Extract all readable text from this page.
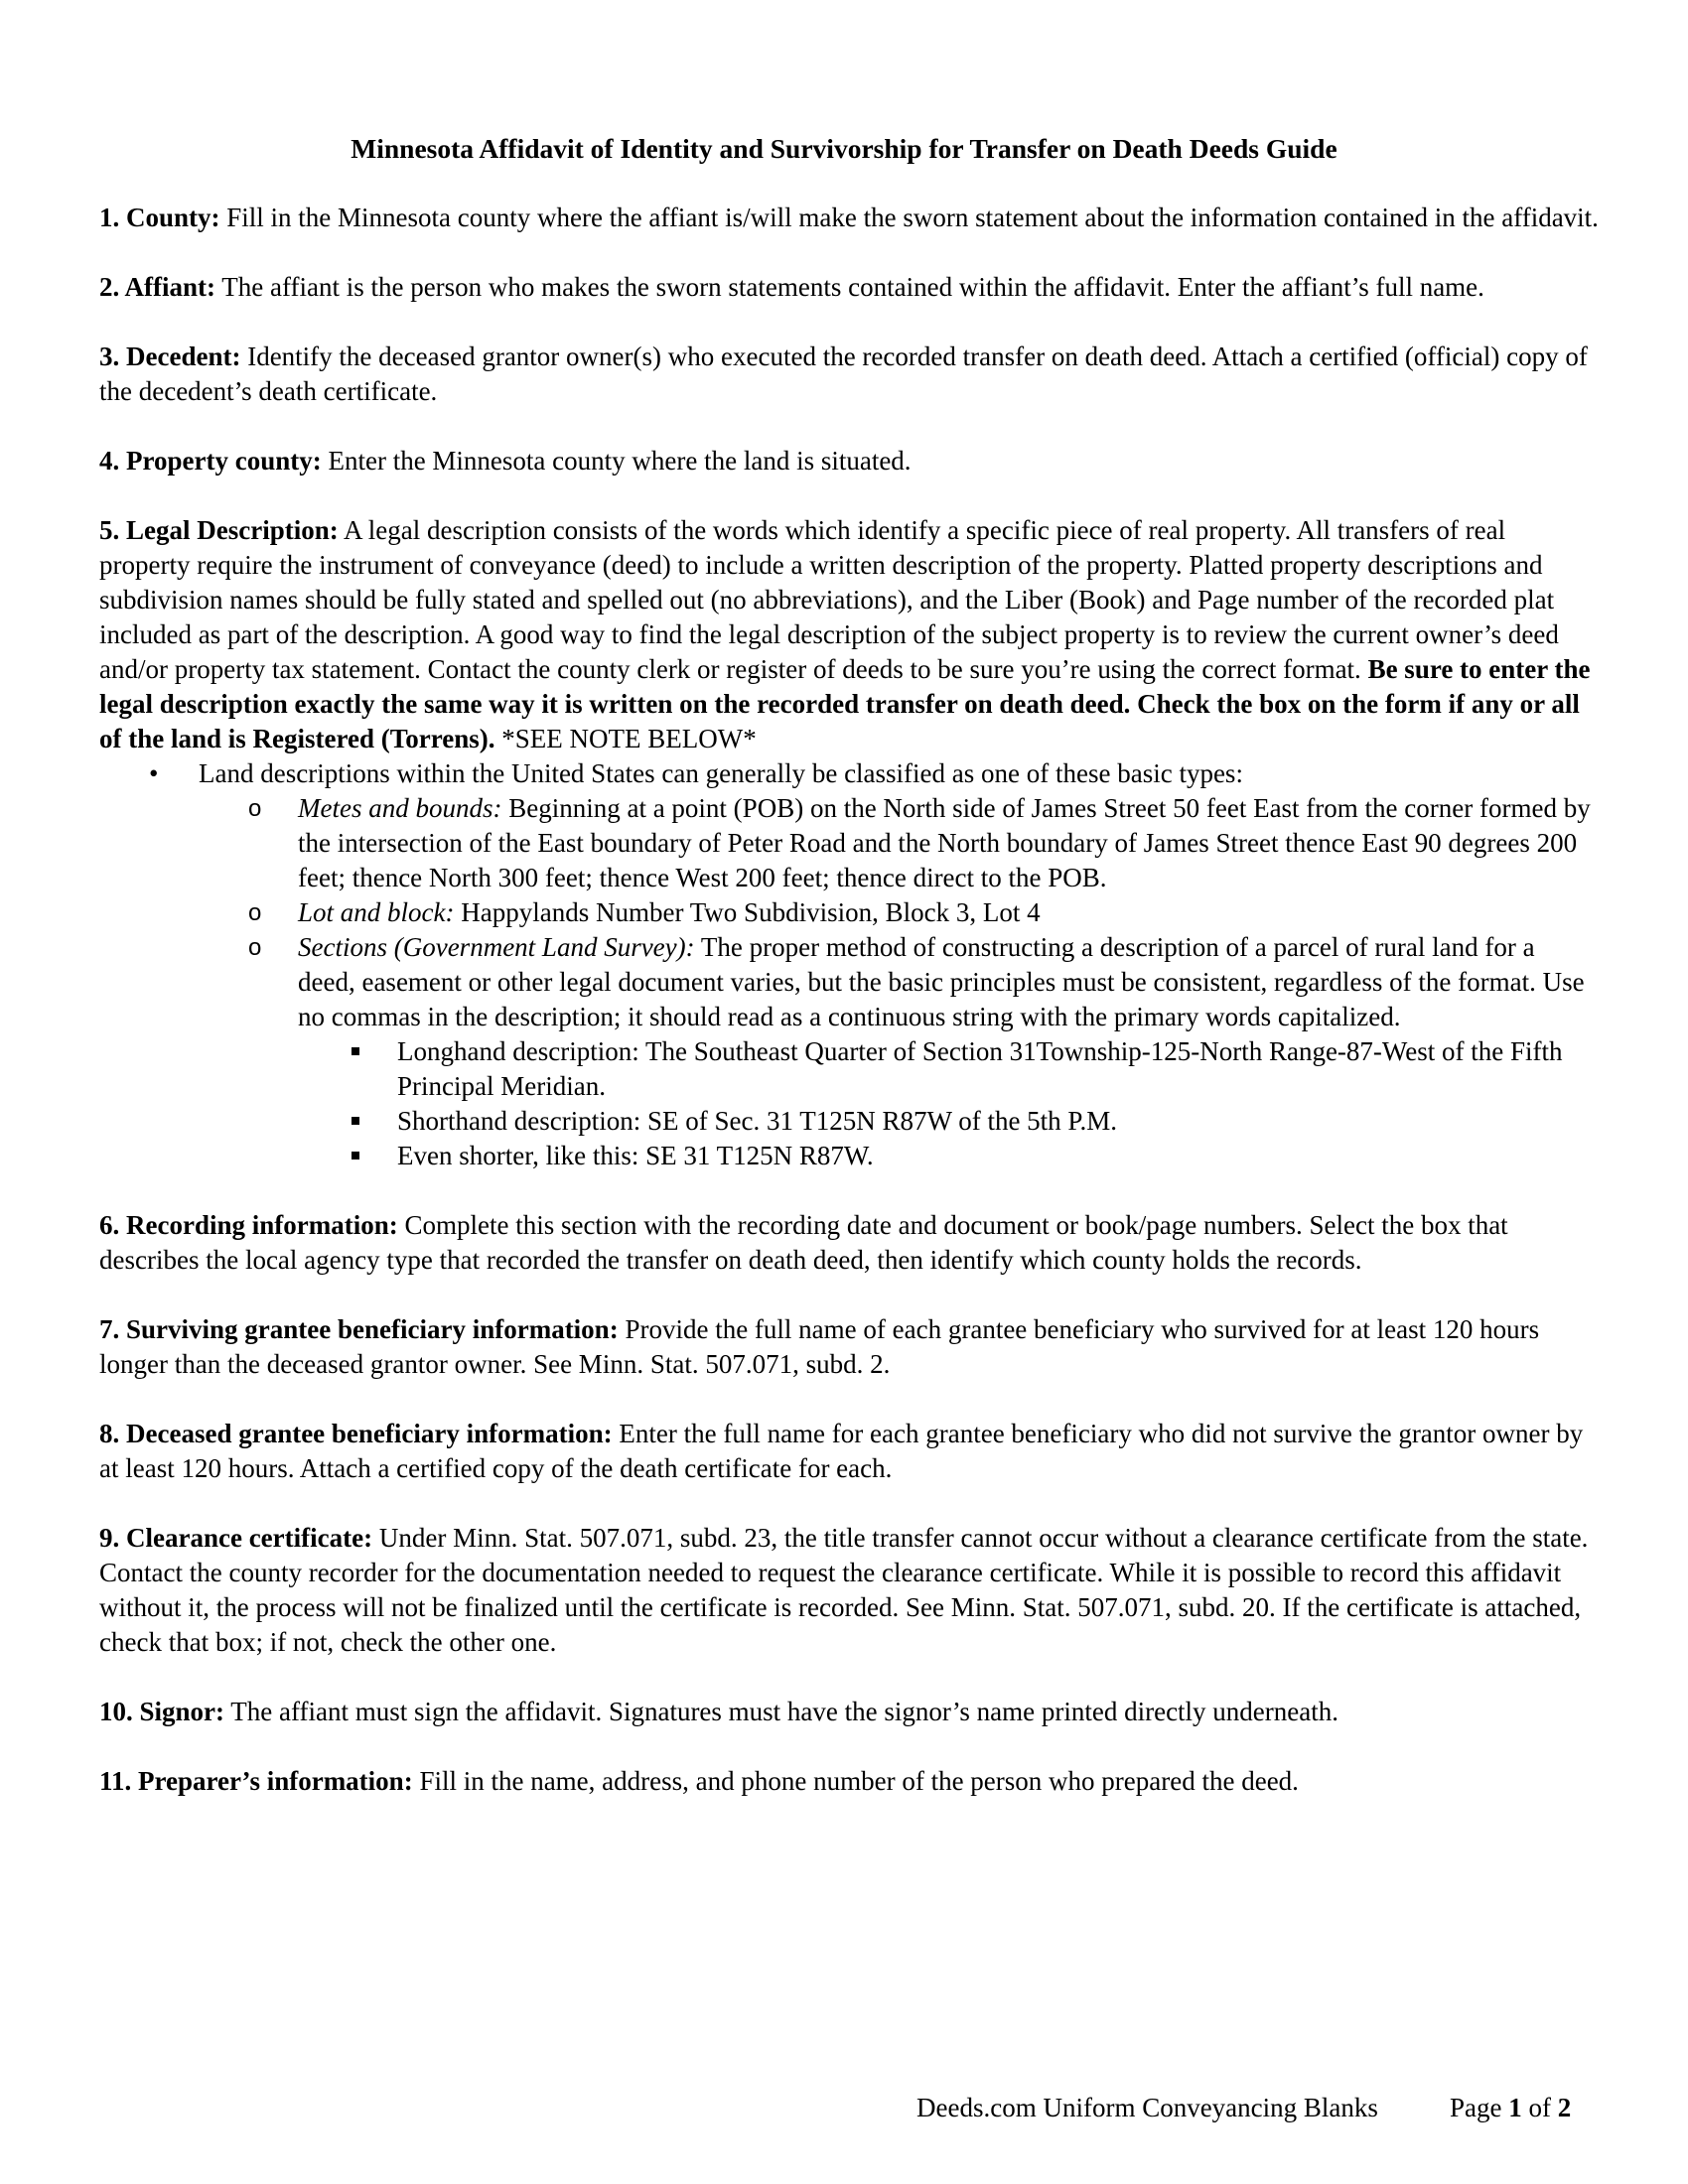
Minnesota Affidavit of Identity and Survivorship for Transfer on Death Deeds Guide

1. County: Fill in the Minnesota county where the affiant is/will make the sworn statement about the information contained in the affidavit.

2. Affiant: The affiant is the person who makes the sworn statements contained within the affidavit. Enter the affiant’s full name.

3. Decedent: Identify the deceased grantor owner(s) who executed the recorded transfer on death deed. Attach a certified (official) copy of the decedent’s death certificate.

4. Property county: Enter the Minnesota county where the land is situated.

5. Legal Description: A legal description consists of the words which identify a specific piece of real property. All transfers of real property require the instrument of conveyance (deed) to include a written description of the property. Platted property descriptions and subdivision names should be fully stated and spelled out (no abbreviations), and the Liber (Book) and Page number of the recorded plat included as part of the description. A good way to find the legal description of the subject property is to review the current owner’s deed and/or property tax statement. Contact the county clerk or register of deeds to be sure you’re using the correct format. Be sure to enter the legal description exactly the same way it is written on the recorded transfer on death deed. Check the box on the form if any or all of the land is Registered (Torrens). *SEE NOTE BELOW*

• Land descriptions within the United States can generally be classified as one of these basic types:
o Metes and bounds: Beginning at a point (POB) on the North side of James Street 50 feet East from the corner formed by the intersection of the East boundary of Peter Road and the North boundary of James Street thence East 90 degrees 200 feet; thence North 300 feet; thence West 200 feet; thence direct to the POB.
o Lot and block: Happylands Number Two Subdivision, Block 3, Lot 4
o Sections (Government Land Survey): The proper method of constructing a description of a parcel of rural land for a deed, easement or other legal document varies, but the basic principles must be consistent, regardless of the format. Use no commas in the description; it should read as a continuous string with the primary words capitalized.
Longhand description: The Southeast Quarter of Section 31Township-125-North Range-87-West of the Fifth Principal Meridian.
Shorthand description: SE of Sec. 31 T125N R87W of the 5th P.M.
Even shorter, like this: SE 31 T125N R87W.

6. Recording information: Complete this section with the recording date and document or book/page numbers. Select the box that describes the local agency type that recorded the transfer on death deed, then identify which county holds the records.

7. Surviving grantee beneficiary information: Provide the full name of each grantee beneficiary who survived for at least 120 hours longer than the deceased grantor owner. See Minn. Stat. 507.071, subd. 2.

8. Deceased grantee beneficiary information: Enter the full name for each grantee beneficiary who did not survive the grantor owner by at least 120 hours. Attach a certified copy of the death certificate for each.

9. Clearance certificate: Under Minn. Stat. 507.071, subd. 23, the title transfer cannot occur without a clearance certificate from the state. Contact the county recorder for the documentation needed to request the clearance certificate. While it is possible to record this affidavit without it, the process will not be finalized until the certificate is recorded. See Minn. Stat. 507.071, subd. 20. If the certificate is attached, check that box; if not, check the other one.

10. Signor: The affiant must sign the affidavit. Signatures must have the signor’s name printed directly underneath.

11. Preparer’s information: Fill in the name, address, and phone number of the person who prepared the deed.

Deeds.com Uniform Conveyancing Blanks	Page 1 of 2
